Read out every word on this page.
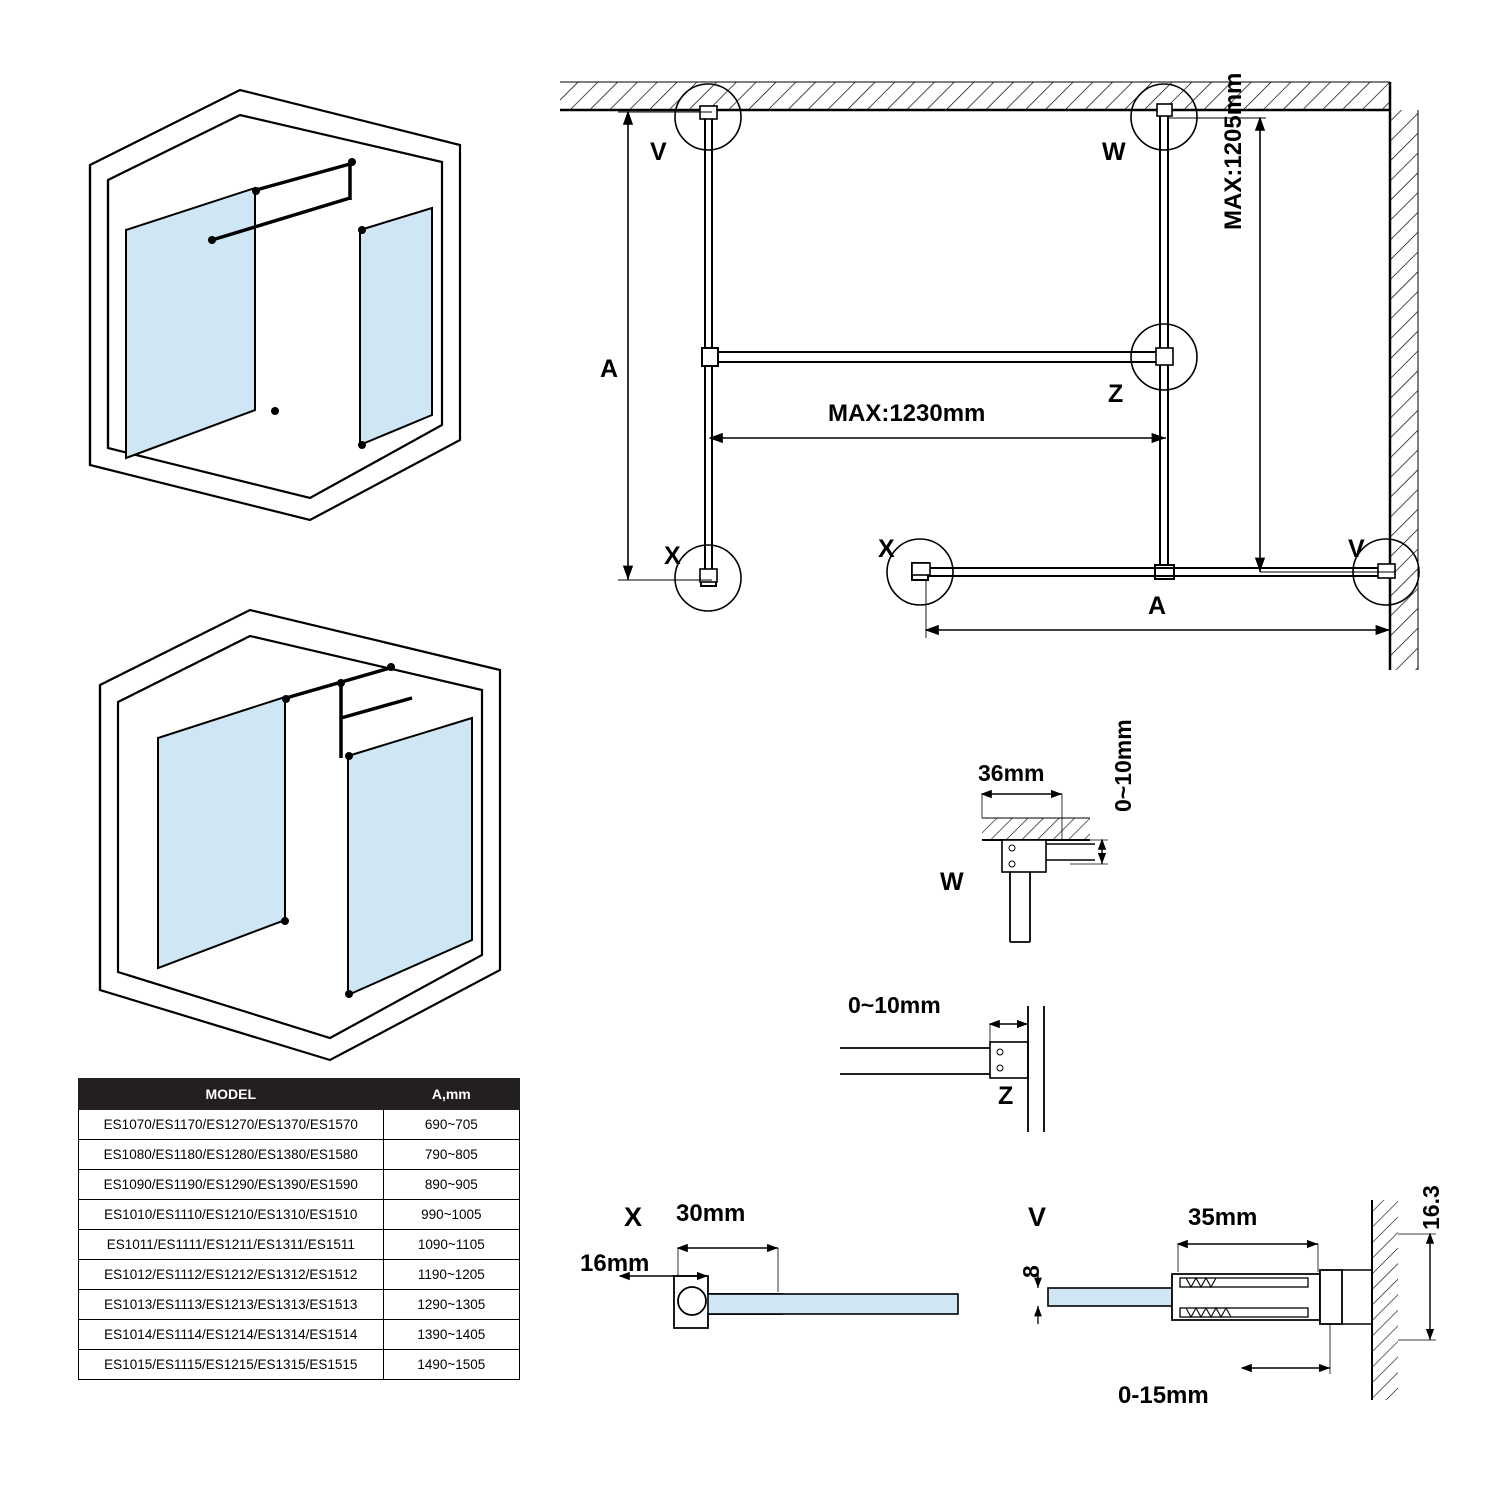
A
V	W
Z
X	X	V
MAX:1230mm
MAX:1205mm
A
36mm	0~10mm
W
0~10mm
Z
30mm
16mm
X	35mm	16.3
8
0-15mm
V
MODEL	A,mm
ES1070/ES1170/ES1270/ES1370/ES1570	690~705
ES1080/ES1180/ES1280/ES1380/ES1580	790~805
ES1090/ES1190/ES1290/ES1390/ES1590	890~905
ES1010/ES1110/ES1210/ES1310/ES1510	990~1005
ES1011/ES1111/ES1211/ES1311/ES1511	1090~1105
ES1012/ES1112/ES1212/ES1312/ES1512	1190~1205
ES1013/ES1113/ES1213/ES1313/ES1513	1290~1305
ES1014/ES1114/ES1214/ES1314/ES1514	1390~1405
ES1015/ES1115/ES1215/ES1315/ES1515	1490~1505
